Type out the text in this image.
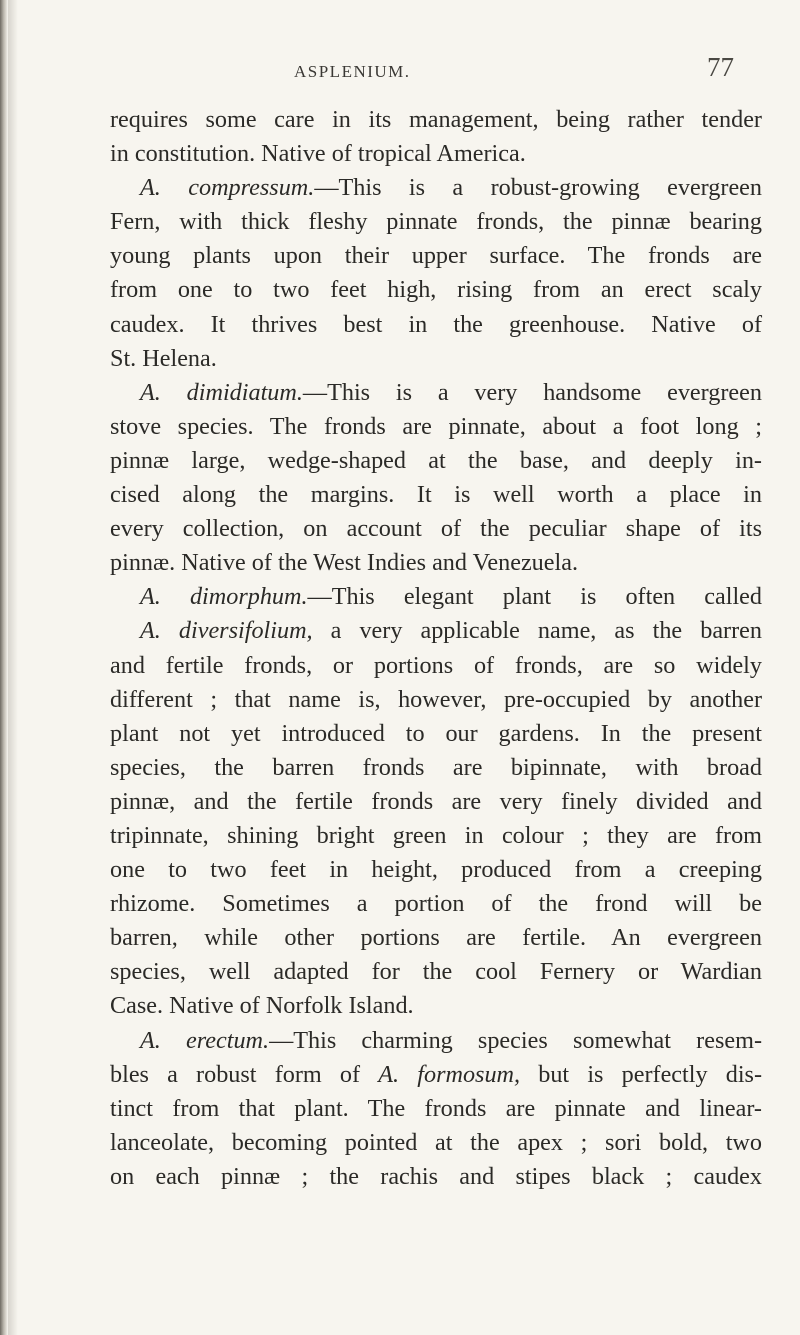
ASPLENIUM.	77

requires some care in its management, being rather tender
in constitution. Native of tropical America.

A. compressum.—This is a robust-growing evergreen
Fern, with thick fleshy pinnate fronds, the pinnæ bearing
young plants upon their upper surface. The fronds are
from one to two feet high, rising from an erect scaly
caudex. It thrives best in the greenhouse. Native of
St. Helena.

A. dimidiatum.—This is a very handsome evergreen
stove species. The fronds are pinnate, about a foot long ;
pinnæ large, wedge-shaped at the base, and deeply in-
cised along the margins. It is well worth a place in
every collection, on account of the peculiar shape of its
pinnæ. Native of the West Indies and Venezuela.

A. dimorphum.—This elegant plant is often called
A. diversifolium, a very applicable name, as the barren
and fertile fronds, or portions of fronds, are so widely
different ; that name is, however, pre-occupied by another
plant not yet introduced to our gardens. In the present
species, the barren fronds are bipinnate, with broad
pinnæ, and the fertile fronds are very finely divided and
tripinnate, shining bright green in colour ; they are from
one to two feet in height, produced from a creeping
rhizome. Sometimes a portion of the frond will be
barren, while other portions are fertile. An evergreen
species, well adapted for the cool Fernery or Wardian
Case. Native of Norfolk Island.

A. erectum.—This charming species somewhat resem-
bles a robust form of A. formosum, but is perfectly dis-
tinct from that plant. The fronds are pinnate and linear-
lanceolate, becoming pointed at the apex ; sori bold, two
on each pinnæ ; the rachis and stipes black ; caudex
